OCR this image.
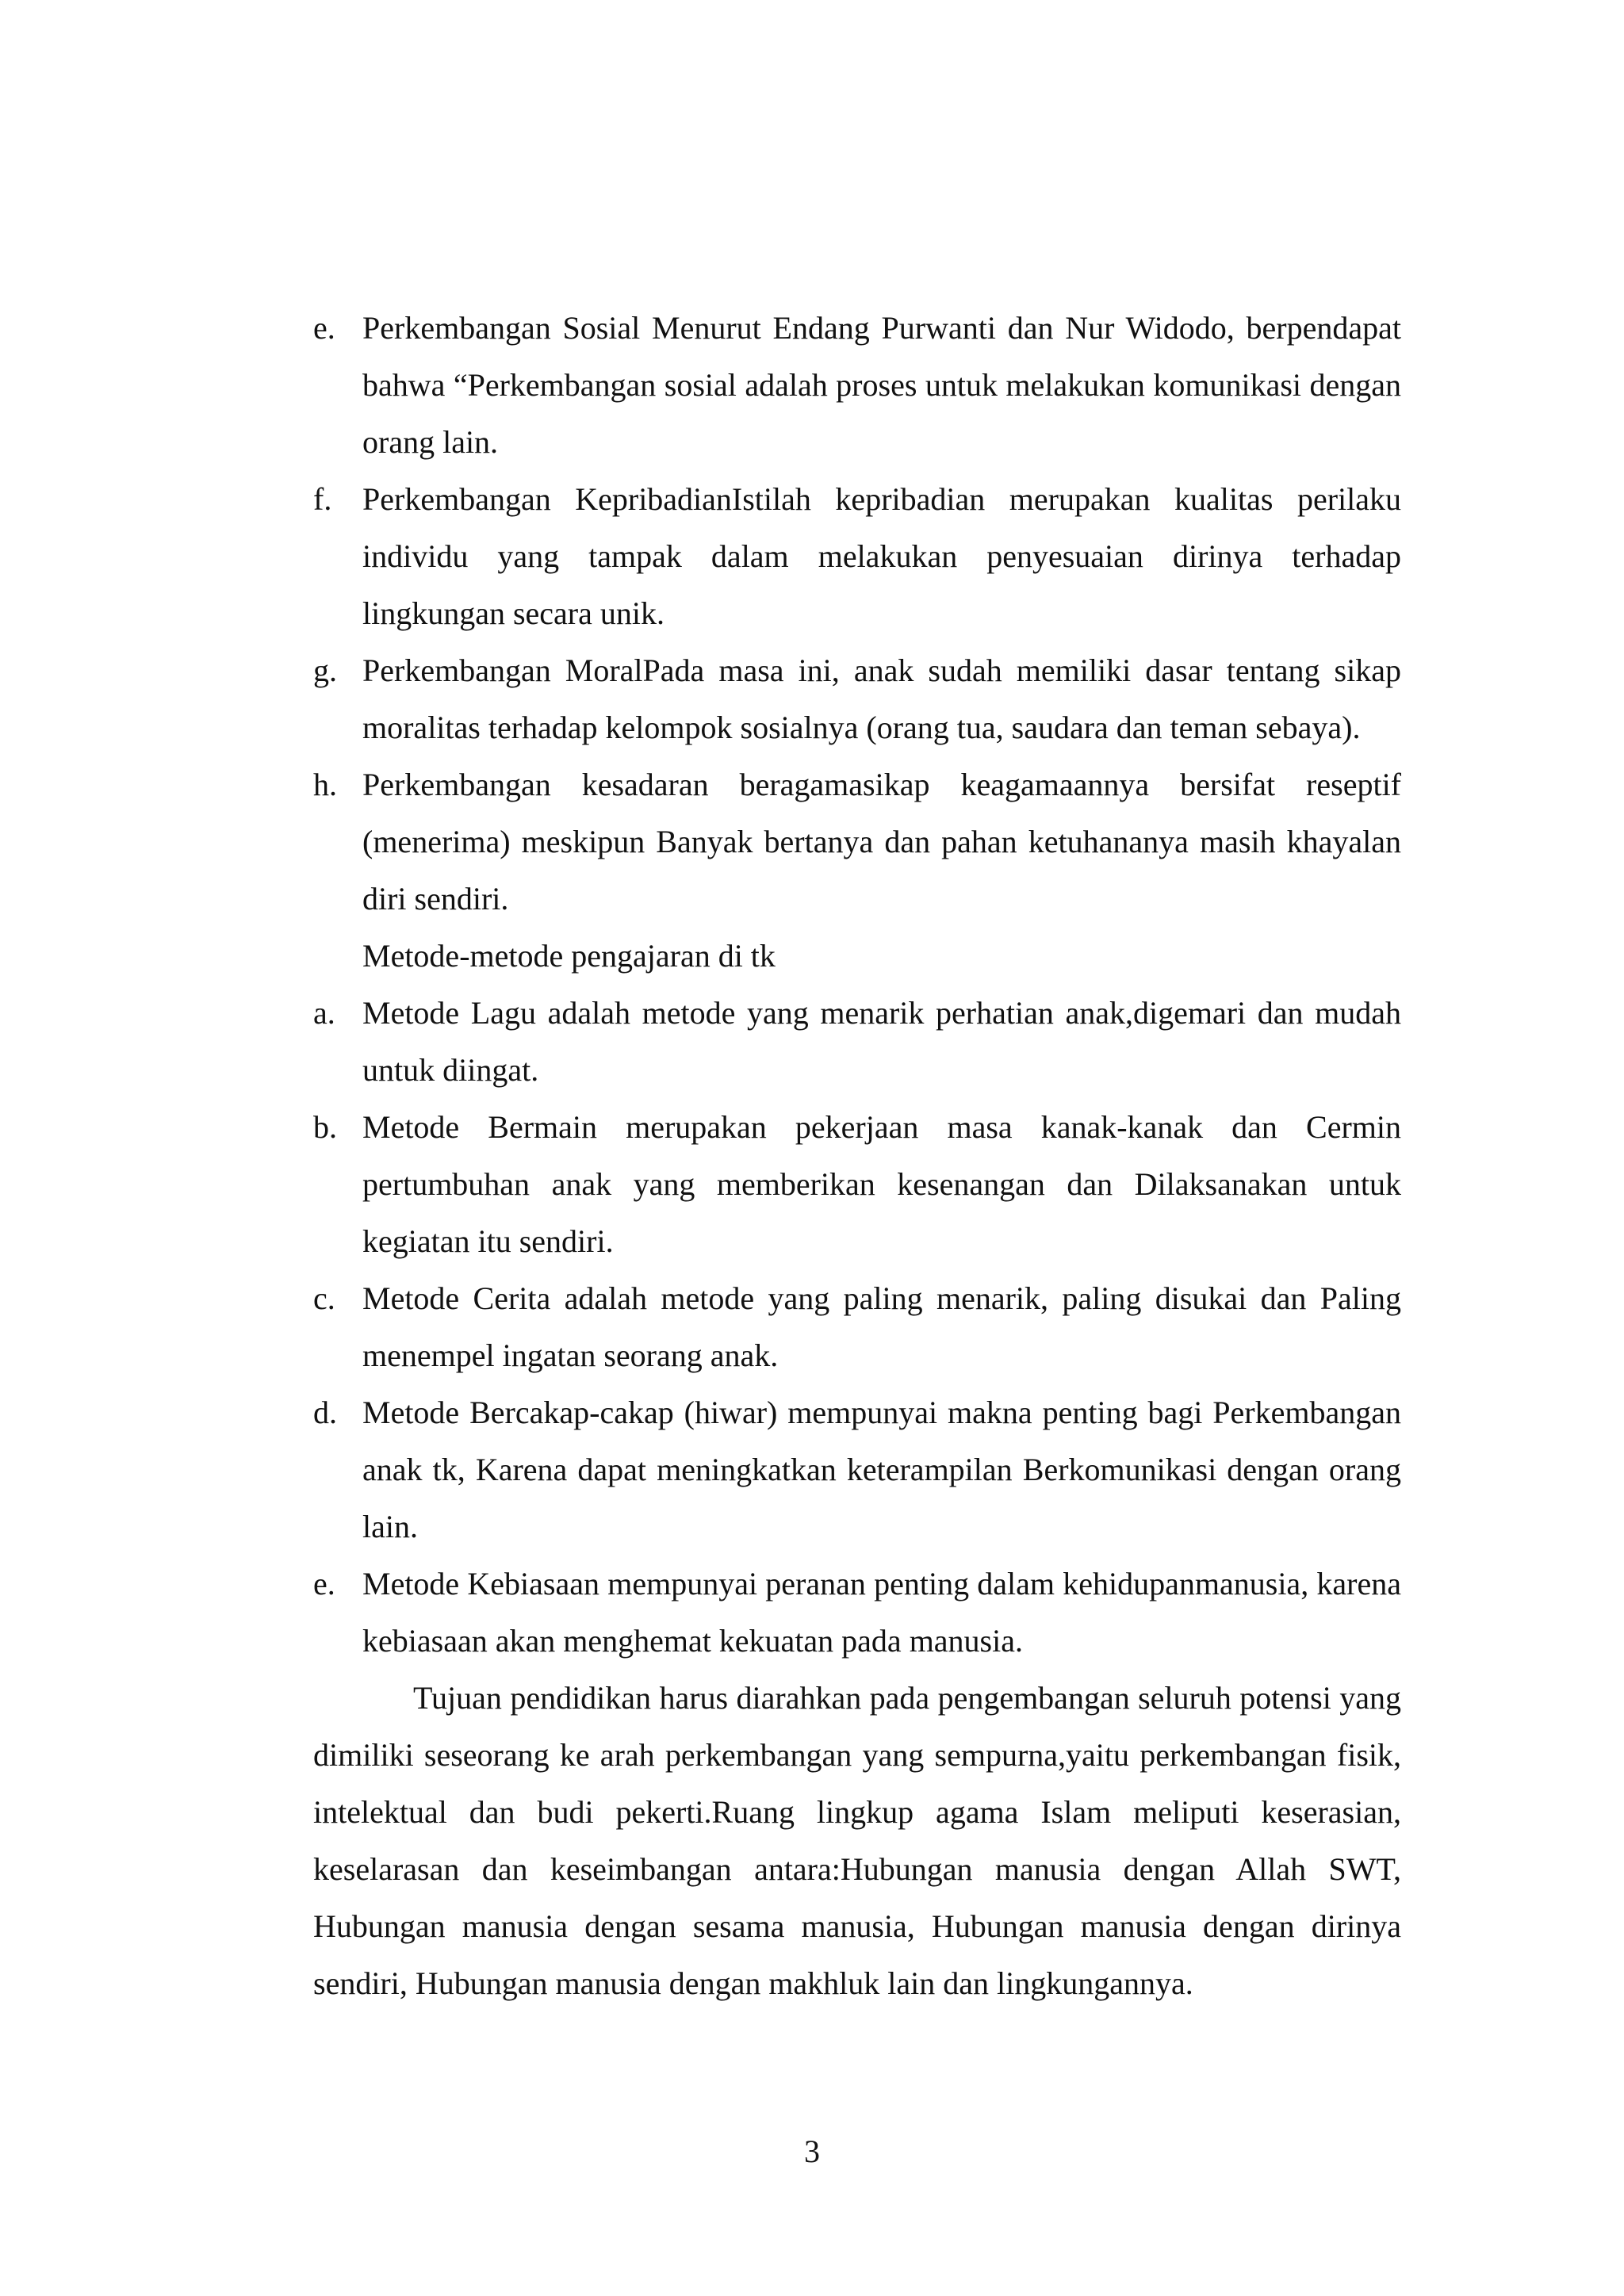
e. Perkembangan Sosial Menurut Endang Purwanti dan Nur Widodo, berpendapat bahwa “Perkembangan sosial adalah proses untuk melakukan komunikasi dengan orang lain.
f. Perkembangan KepribadianIstilah kepribadian merupakan kualitas perilaku individu yang tampak dalam melakukan penyesuaian dirinya terhadap lingkungan secara unik.
g. Perkembangan MoralPada masa ini, anak sudah memiliki dasar tentang sikap moralitas terhadap kelompok sosialnya (orang tua, saudara dan teman sebaya).
h. Perkembangan kesadaran beragamasikap keagamaannya bersifat reseptif (menerima) meskipun Banyak bertanya dan pahan ketuhananya masih khayalan diri sendiri.
Metode-metode pengajaran di tk
a. Metode Lagu adalah metode yang menarik perhatian anak,digemari dan mudah untuk diingat.
b. Metode Bermain merupakan pekerjaan masa kanak-kanak dan Cermin pertumbuhan anak yang memberikan kesenangan dan Dilaksanakan untuk kegiatan itu sendiri.
c. Metode Cerita adalah metode yang paling menarik, paling disukai dan Paling menempel ingatan seorang anak.
d. Metode Bercakap-cakap (hiwar) mempunyai makna penting bagi Perkembangan anak tk, Karena dapat meningkatkan keterampilan Berkomunikasi dengan orang lain.
e. Metode Kebiasaan mempunyai peranan penting dalam kehidupanmanusia, karena kebiasaan akan menghemat kekuatan pada manusia.

Tujuan pendidikan harus diarahkan pada pengembangan seluruh potensi yang dimiliki seseorang ke arah perkembangan yang sempurna,yaitu perkembangan fisik, intelektual dan budi pekerti.Ruang lingkup agama Islam meliputi keserasian, keselarasan dan keseimbangan antara:Hubungan manusia dengan Allah SWT, Hubungan manusia dengan sesama manusia, Hubungan manusia dengan dirinya sendiri, Hubungan manusia dengan makhluk lain dan lingkungannya.

3
